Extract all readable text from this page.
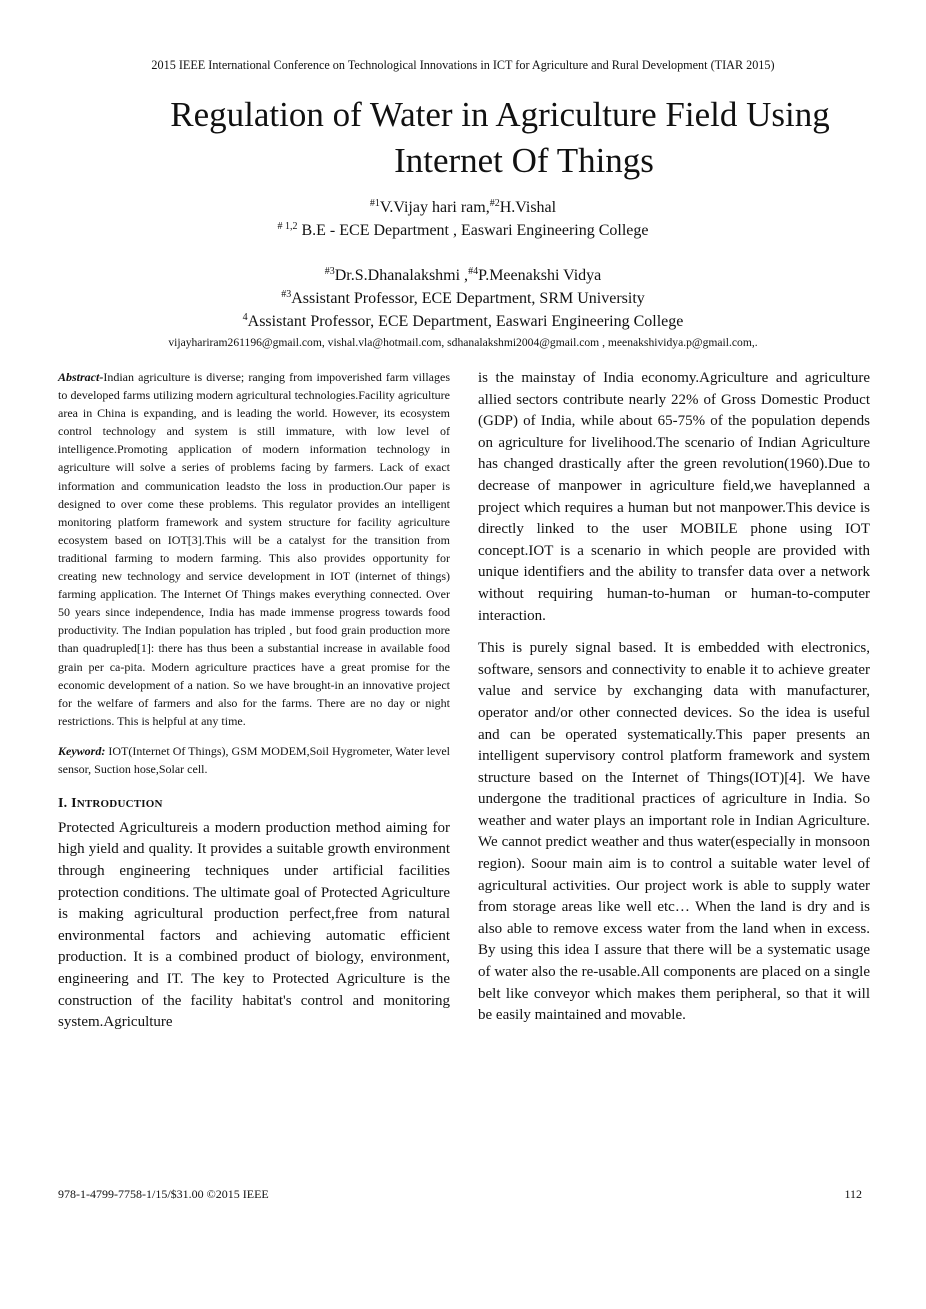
2015 IEEE International Conference on Technological Innovations in ICT for Agriculture and Rural Development (TIAR 2015)
Regulation of Water in Agriculture Field Using
Internet Of Things
$^{\#1}$V.Vijay hari ram,$^{\#2}$H.Vishal
$^{\# 1,2}$ B.E - ECE Department , Easwari Engineering College
$^{\#3}$Dr.S.Dhanalakshmi ,$^{\#4}$P.Meenakshi Vidya
$^{\#3}$Assistant Professor, ECE Department, SRM University
$^4$Assistant Professor, ECE Department, Easwari Engineering College
vijayhariram261196@gmail.com, vishal.vla@hotmail.com, sdhanalakshmi2004@gmail.com , meenakshividya.p@gmail.com,.

Abstract-Indian agriculture is diverse; ranging from impoverished farm villages to developed farms utilizing modern agricultural technologies.Facility agriculture area in China is expanding, and is leading the world. However, its ecosystem control technology and system is still immature, with low level of intelligence.Promoting application of modern information technology in agriculture will solve a series of problems facing by farmers. Lack of exact information and communication leadsto the loss in production.Our paper is designed to over come these problems. This regulator provides an intelligent monitoring platform framework and system structure for facility agriculture ecosystem based on IOT[3].This will be a catalyst for the transition from traditional farming to modern farming. This also provides opportunity for creating new technology and service development in IOT (internet of things) farming application. The Internet Of Things makes everything connected. Over 50 years since independence, India has made immense progress towards food productivity. The Indian population has tripled , but food grain production more than quadrupled[1]: there has thus been a substantial increase in available food grain per ca-pita. Modern agriculture practices have a great promise for the economic development of a nation. So we have brought-in an innovative project for the welfare of farmers and also for the farms. There are no day or night restrictions. This is helpful at any time.

Keyword: IOT(Internet Of Things), GSM MODEM,Soil Hygrometer, Water level sensor, Suction hose,Solar cell.

I. INTRODUCTION

Protected Agricultureis a modern production method aiming for high yield and quality. It provides a suitable growth environment through engineering techniques under artificial facilities protection conditions. The ultimate goal of Protected Agriculture is making agricultural production perfect,free from natural environmental factors and achieving automatic efficient production. It is a combined product of biology, environment, engineering and IT. The key to Protected Agriculture is the construction of the facility habitat's control and monitoring system.Agriculture

is the mainstay of India economy.Agriculture and agriculture allied sectors contribute nearly 22% of Gross Domestic Product (GDP) of India, while about 65-75% of the population depends on agriculture for livelihood.The scenario of Indian Agriculture has changed drastically after the green revolution(1960).Due to decrease of manpower in agriculture field,we haveplanned a project which requires a human but not manpower.This device is directly linked to the user MOBILE phone using IOT concept.IOT is a scenario in which people are provided with unique identifiers and the ability to transfer data over a network without requiring human-to-human or human-to-computer interaction.

This is purely signal based. It is embedded with electronics, software, sensors and connectivity to enable it to achieve greater value and service by exchanging data with manufacturer, operator and/or other connected devices. So the idea is useful and can be operated systematically.This paper presents an intelligent supervisory control platform framework and system structure based on the Internet of Things(IOT)[4]. We have undergone the traditional practices of agriculture in India. So weather and water plays an important role in Indian Agriculture. We cannot predict weather and thus water(especially in monsoon region). Soour main aim is to control a suitable water level of agricultural activities. Our project work is able to supply water from storage areas like well etc… When the land is dry and is also able to remove excess water from the land when in excess. By using this idea I assure that there will be a systematic usage of water also the re-usable.All components are placed on a single belt like conveyor which makes them peripheral, so that it will be easily maintained and movable.

978-1-4799-7758-1/15/$31.00 ©2015 IEEE	112
